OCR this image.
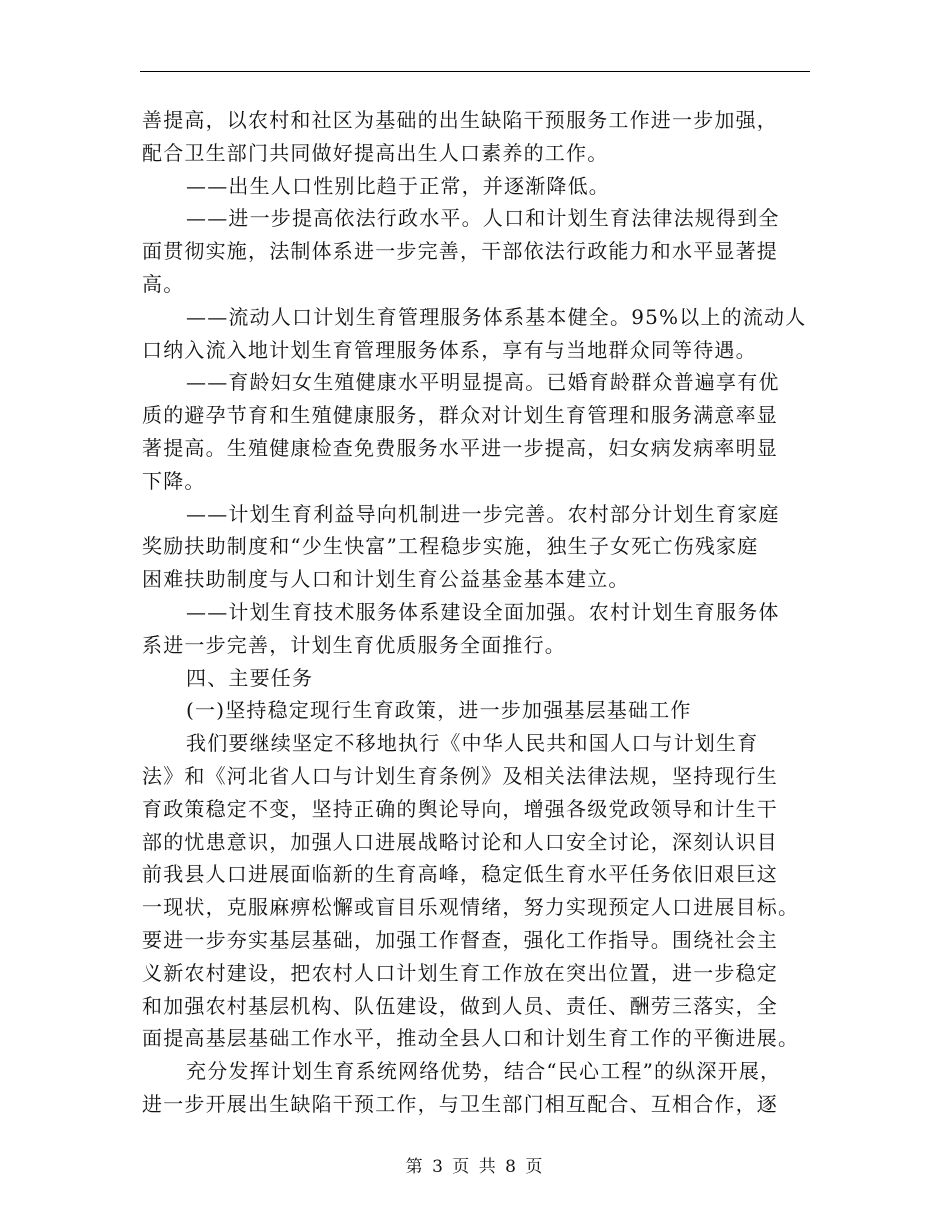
善提高，以农村和社区为基础的出生缺陷干预服务工作进一步加强，
配合卫生部门共同做好提高出生人口素养的工作。
——出生人口性别比趋于正常，并逐渐降低。
——进一步提高依法行政水平。人口和计划生育法律法规得到全
面贯彻实施，法制体系进一步完善，干部依法行政能力和水平显著提
高。
——流动人口计划生育管理服务体系基本健全。95%以上的流动人
口纳入流入地计划生育管理服务体系，享有与当地群众同等待遇。
——育龄妇女生殖健康水平明显提高。已婚育龄群众普遍享有优
质的避孕节育和生殖健康服务，群众对计划生育管理和服务满意率显
著提高。生殖健康检查免费服务水平进一步提高，妇女病发病率明显
下降。
——计划生育利益导向机制进一步完善。农村部分计划生育家庭
奖励扶助制度和“少生快富”工程稳步实施，独生子女死亡伤残家庭
困难扶助制度与人口和计划生育公益基金基本建立。
——计划生育技术服务体系建设全面加强。农村计划生育服务体
系进一步完善，计划生育优质服务全面推行。
四、主要任务
(一)坚持稳定现行生育政策，进一步加强基层基础工作
我们要继续坚定不移地执行《中华人民共和国人口与计划生育
法》和《河北省人口与计划生育条例》及相关法律法规，坚持现行生
育政策稳定不变，坚持正确的舆论导向，增强各级党政领导和计生干
部的忧患意识，加强人口进展战略讨论和人口安全讨论，深刻认识目
前我县人口进展面临新的生育高峰，稳定低生育水平任务依旧艰巨这
一现状，克服麻痹松懈或盲目乐观情绪，努力实现预定人口进展目标。
要进一步夯实基层基础，加强工作督查，强化工作指导。围绕社会主
义新农村建设，把农村人口计划生育工作放在突出位置，进一步稳定
和加强农村基层机构、队伍建设，做到人员、责任、酬劳三落实，全
面提高基层基础工作水平，推动全县人口和计划生育工作的平衡进展。
充分发挥计划生育系统网络优势，结合“民心工程”的纵深开展，
进一步开展出生缺陷干预工作，与卫生部门相互配合、互相合作，逐
第 3 页 共 8 页
